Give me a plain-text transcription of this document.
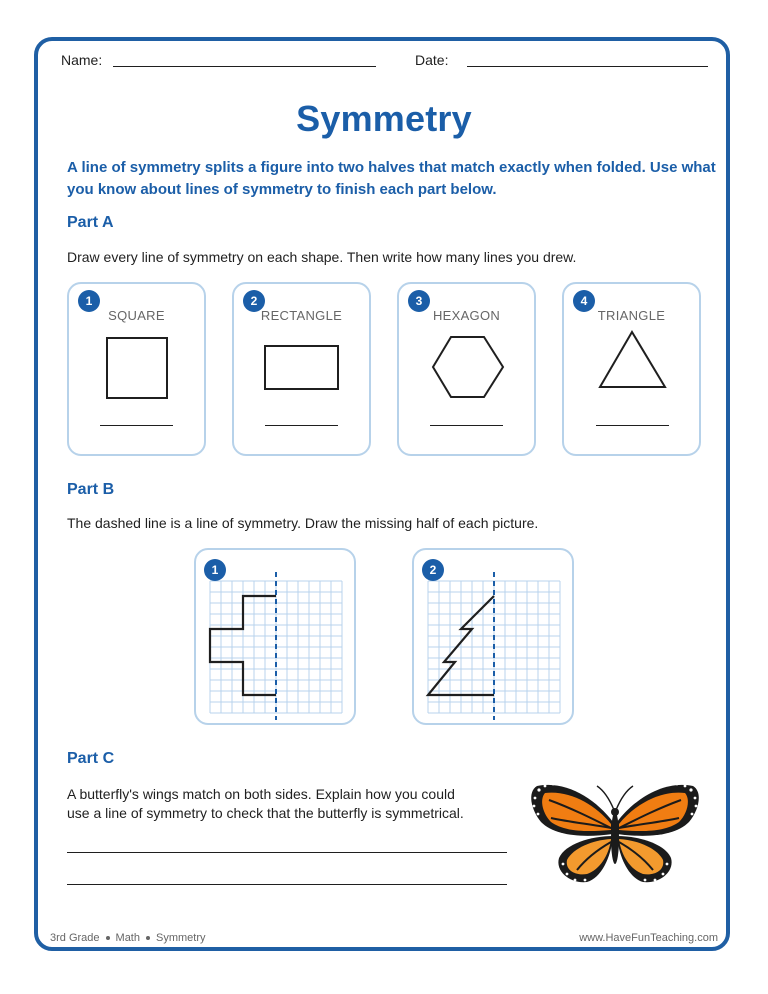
Name:	Date:
Symmetry
A line of symmetry splits a figure into two halves that match exactly when folded. Use what you know about lines of symmetry to finish each part below.
Part A
Draw every line of symmetry on each shape. Then write how many lines you drew.
1
SQUARE
2
RECTANGLE
3
HEXAGON
4
TRIANGLE
Part B
The dashed line is a line of symmetry. Draw the missing half of each picture.
1	2
Part C
A butterfly's wings match on both sides. Explain how you could
use a line of symmetry to check that the butterfly is symmetrical.
3rd Grade Math Symmetry	www.HaveFunTeaching.com
